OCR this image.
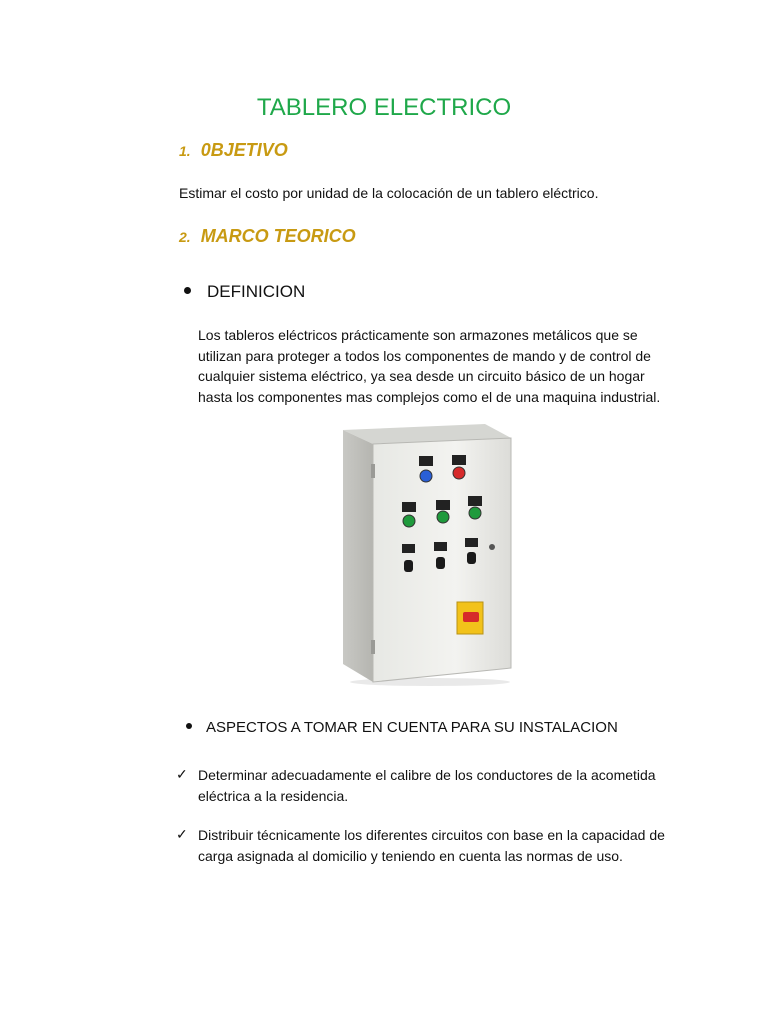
TABLERO ELECTRICO
1. 0BJETIVO
Estimar el costo por unidad de la colocación de un tablero eléctrico.
2. MARCO TEORICO
DEFINICION
Los tableros eléctricos prácticamente son armazones metálicos que se
utilizan para proteger a todos los componentes de mando y de control de
cualquier sistema eléctrico, ya sea desde un circuito básico de un hogar
hasta los componentes mas complejos como el de una maquina industrial.
ASPECTOS A TOMAR EN CUENTA PARA SU INSTALACION
✓ Determinar adecuadamente el calibre de los conductores de la acometida
eléctrica a la residencia.
✓ Distribuir técnicamente los diferentes circuitos con base en la capacidad de
carga asignada al domicilio y teniendo en cuenta las normas de uso.
